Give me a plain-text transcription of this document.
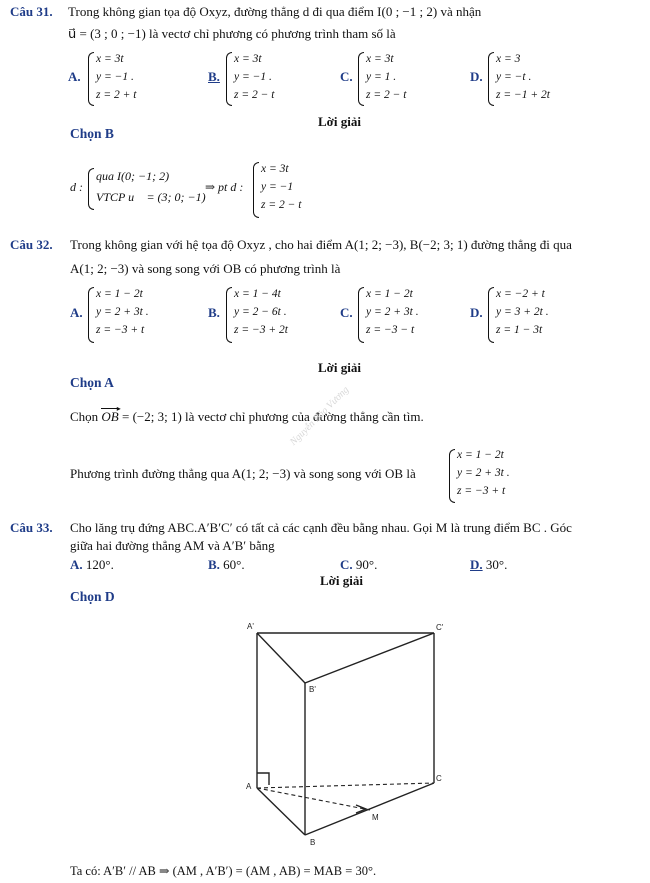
Câu 31. Trong không gian tọa độ Oxyz, đường thẳng d đi qua điểm I(0 ; −1 ; 2) và nhận
u⃗ = (3 ; 0 ; −1) là vectơ chỉ phương có phương trình tham số là
A.
x = 3t
y = −1 .
z = 2 + t
B.
x = 3t
y = −1 .
z = 2 − t
C.
x = 3t
y = 1 .
z = 2 − t
D.
x = 3
y = −t .
z = −1 + 2t
Lời giải
Chọn B
d :
qua I(0; −1; 2)
VTCP u⃗ = (3; 0; −1)
⇒ pt d :
x = 3t
y = −1
z = 2 − t
Câu 32. Trong không gian với hệ tọa độ Oxyz , cho hai điểm A(1; 2; −3), B(−2; 3; 1) đường thẳng đi qua
A(1; 2; −3) và song song với OB có phương trình là
A.
x = 1 − 2t
y = 2 + 3t .
z = −3 + t
B.
x = 1 − 4t
y = 2 − 6t .
z = −3 + 2t
C.
x = 1 − 2t
y = 2 + 3t .
z = −3 − t
D.
x = −2 + t
y = 3 + 2t .
z = 1 − 3t
Lời giải
Chọn A
Chọn
▸
OB = (−2; 3; 1) là vectơ chỉ phương của đường thẳng cần tìm.
Phương trình đường thẳng qua A(1; 2; −3) và song song với OB là
x = 1 − 2t
y = 2 + 3t .
z = −3 + t
Nguyễn Bảo Vương
Câu 33. Cho lăng trụ đứng ABC.A′B′C′ có tất cả các cạnh đều bằng nhau. Gọi M là trung điểm BC . Góc
giữa hai đường thẳng AM và A′B′ bằng
A. 120°.	B. 60°.	C. 90°.	D. 30°.
Lời giải
Chọn D
A'	C'
B'
A
C
M
B
Ta có: A′B′ // AB ⇒ (AM , A′B′) = (AM , AB) = MAB = 30°.
